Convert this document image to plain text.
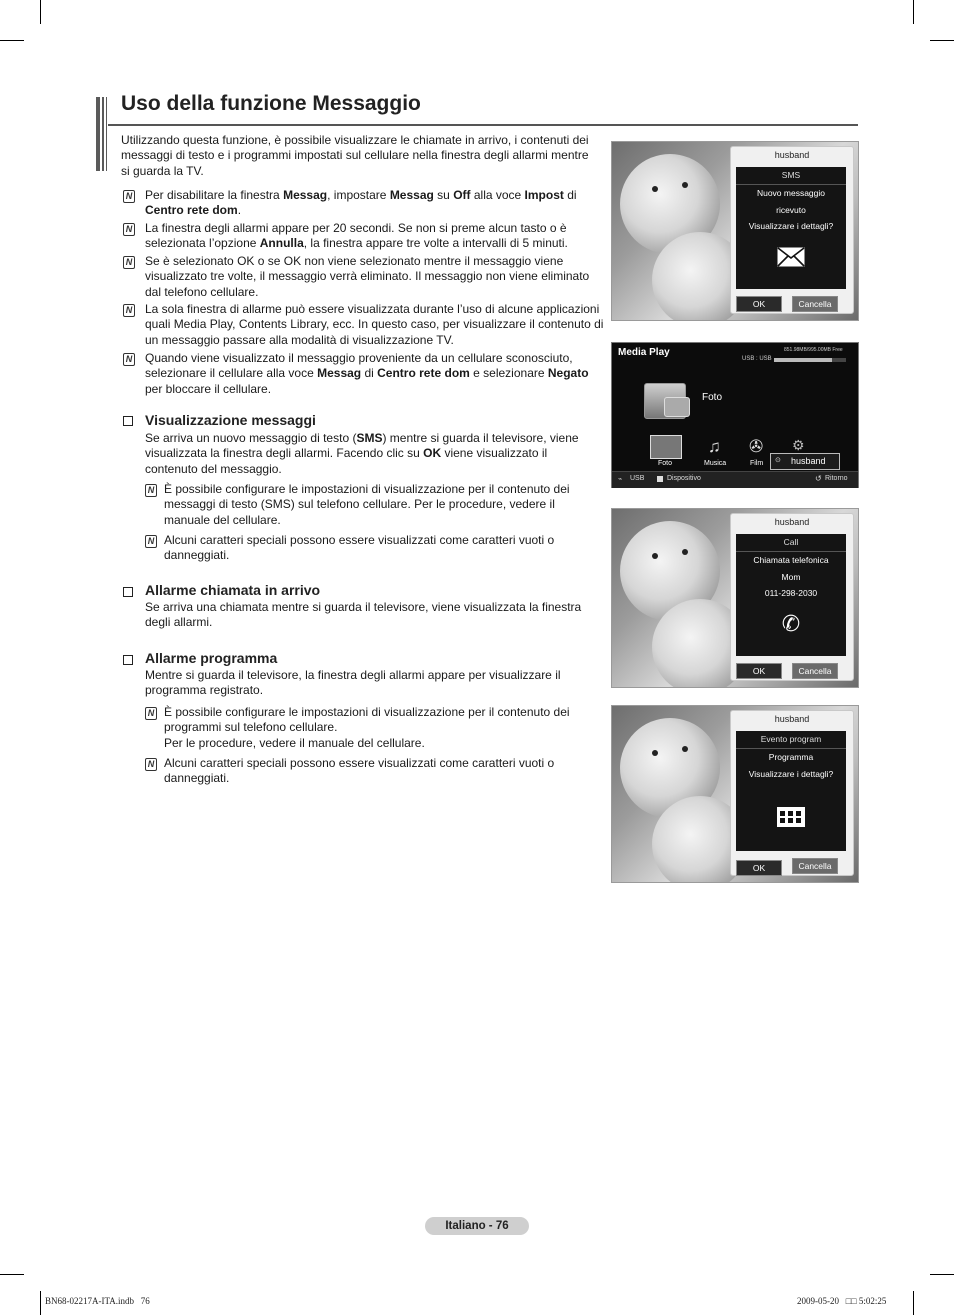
Uso della funzione Messaggio
Utilizzando questa funzione, è possibile visualizzare le chiamate in arrivo, i contenuti dei messaggi di testo e i programmi impostati sul cellulare nella finestra degli allarmi mentre si guarda la TV.
N Per disabilitare la finestra Messag, impostare Messag su Off alla voce Impost di Centro rete dom.
N La finestra degli allarmi appare per 20 secondi. Se non si preme alcun tasto o è selezionata l’opzione Annulla, la finestra appare tre volte a intervalli di 5 minuti.
N Se è selezionato OK o se OK non viene selezionato mentre il messaggio viene visualizzato tre volte, il messaggio verrà eliminato. Il messaggio non viene eliminato dal telefono cellulare.
N La sola finestra di allarme può essere visualizzata durante l’uso di alcune applicazioni quali Media Play, Contents Library, ecc. In questo caso, per visualizzare il contenuto di un messaggio passare alla modalità di visualizzazione TV.
N Quando viene visualizzato il messaggio proveniente da un cellulare sconosciuto, selezionare il cellulare alla voce Messag di Centro rete dom e selezionare Negato per bloccare il cellulare.
Visualizzazione messaggi
Se arriva un nuovo messaggio di testo (SMS) mentre si guarda il televisore, viene visualizzata la finestra degli allarmi. Facendo clic su OK viene visualizzato il contenuto del messaggio.
N È possibile configurare le impostazioni di visualizzazione per il contenuto dei messaggi di testo (SMS) sul telefono cellulare. Per le procedure, vedere il manuale del cellulare.
N Alcuni caratteri speciali possono essere visualizzati come caratteri vuoti o danneggiati.
Allarme chiamata in arrivo
Se arriva una chiamata mentre si guarda il televisore, viene visualizzata la finestra degli allarmi.
Allarme programma
Mentre si guarda il televisore, la finestra degli allarmi appare per visualizzare il programma registrato.
N È possibile configurare le impostazioni di visualizzazione per il contenuto dei programmi sul telefono cellulare.
Per le procedure, vedere il manuale del cellulare.
N Alcuni caratteri speciali possono essere visualizzati come caratteri vuoti o danneggiati.
husband
SMS
Nuovo messaggio
ricevuto
Visualizzare i dettagli?
OK	Cancella
Media Play	851.98MB/995.00MB Free
USB : USB
Foto
Foto
♫
Musica
✇
Film
⚙
⊙ husband
⌁ USB	Dispositivo	↺ Ritorno
husband
Call
Chiamata telefonica
Mom
011-298-2030
✆
OK	Cancella
husband
Evento program
Programma
Visualizzare i dettagli?
OK	Cancella
Italiano - 76
BN68-02217A-ITA.indb   76	2009-05-20   □□ 5:02:25
